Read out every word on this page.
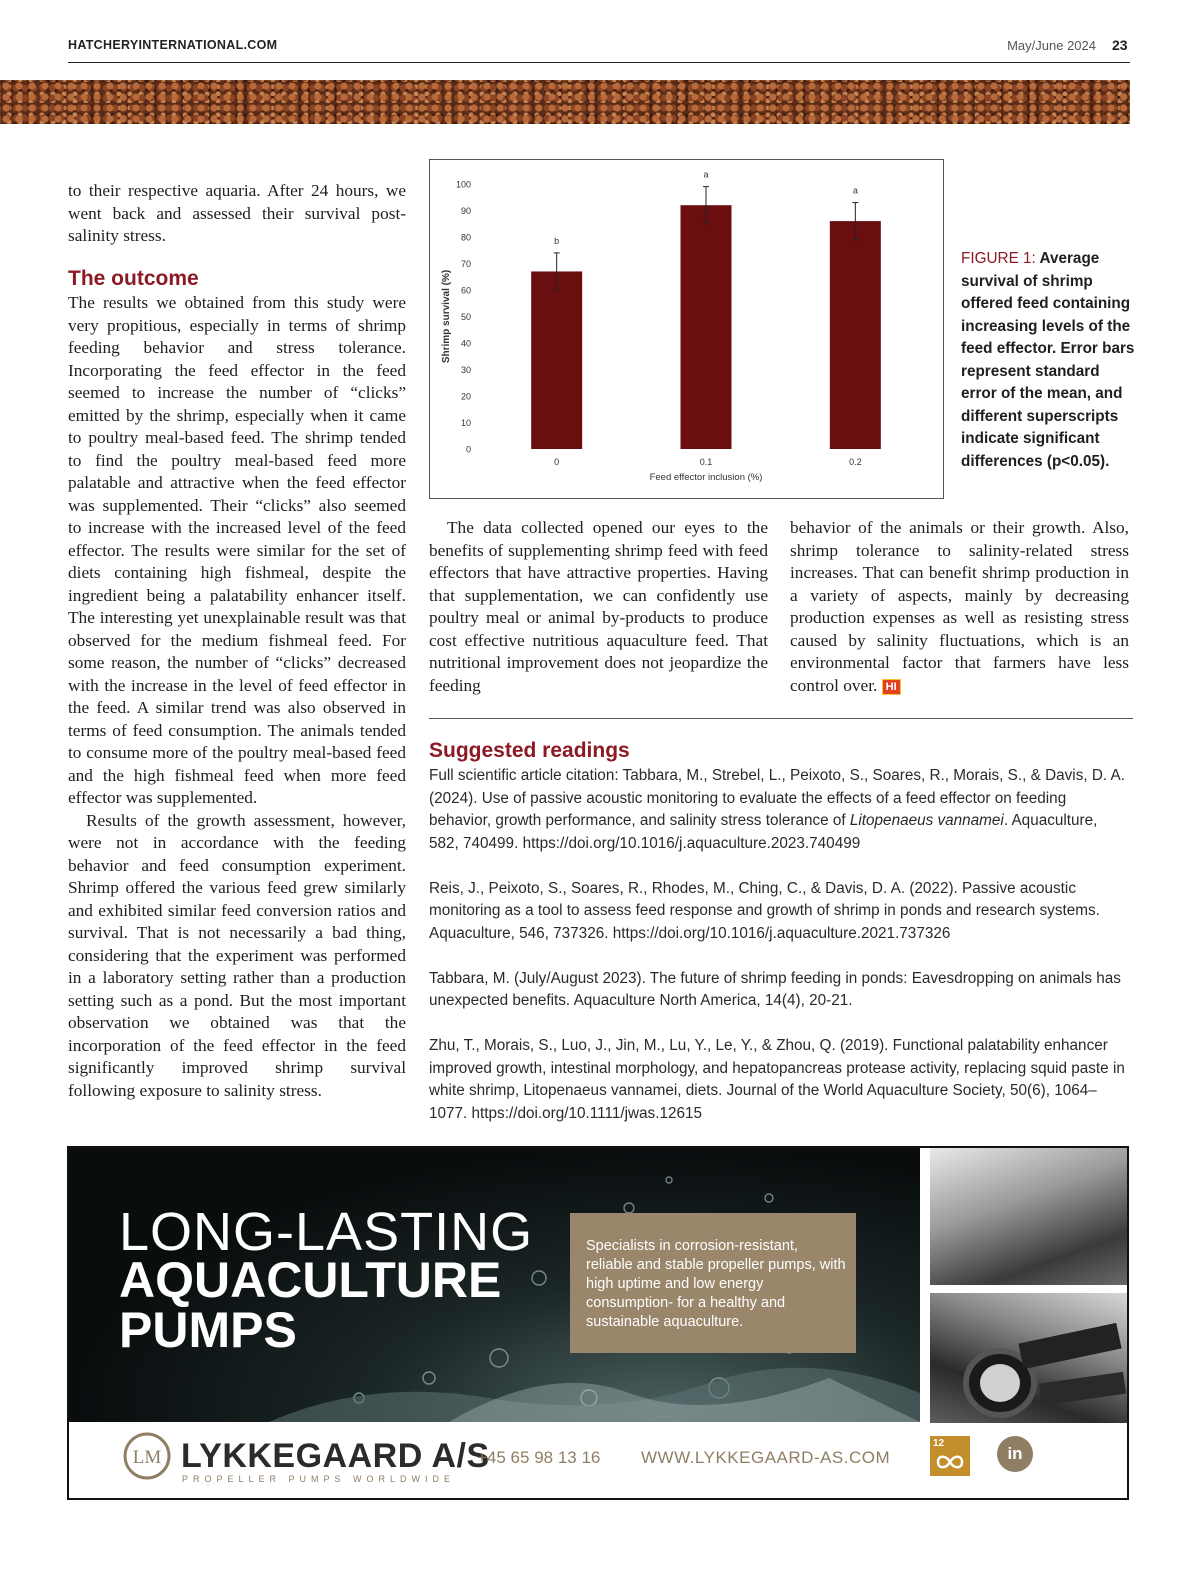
HATCHERYINTERNATIONAL.COM	May/June 2024 23

to their respective aquaria. After 24 hours, we went back and assessed their survival post-salinity stress.

The outcome

The results we obtained from this study were very propitious, especially in terms of shrimp feeding behavior and stress tolerance. Incorporating the feed effector in the feed seemed to increase the number of “clicks” emitted by the shrimp, especially when it came to poultry meal-based feed. The shrimp tended to find the poultry meal-based feed more palatable and attractive when the feed effector was supplemented. Their “clicks” also seemed to increase with the increased level of the feed effector. The results were similar for the set of diets containing high fishmeal, despite the ingredient being a palatability enhancer itself. The interesting yet unexplainable result was that observed for the medium fishmeal feed. For some reason, the number of “clicks” decreased with the increase in the level of feed effector in the feed. A similar trend was also observed in terms of feed consumption. The animals tended to consume more of the poultry meal-based feed and the high fishmeal feed when more feed effector was supplemented.

Results of the growth assessment, however, were not in accordance with the feeding behavior and feed consumption experiment. Shrimp offered the various feed grew similarly and exhibited similar feed conversion ratios and survival. That is not necessarily a bad thing, considering that the experiment was performed in a laboratory setting rather than a production setting such as a pond. But the most important observation we obtained was that the incorporation of the feed effector in the feed significantly improved shrimp survival following exposure to salinity stress.

0
10
20
30
40
50
60
70
80
90
100
Shrimp survival (%)
b
0
a
0.1
a
0.2
Feed effector inclusion (%)
FIGURE 1: Average survival of shrimp offered feed containing increasing levels of the feed effector. Error bars represent standard error of the mean, and different superscripts indicate significant differences (p<0.05).

The data collected opened our eyes to the benefits of supplementing shrimp feed with feed effectors that have attractive properties. Having that supplementation, we can confidently use poultry meal or animal by-products to produce cost effective nutritious aquaculture feed. That nutritional improvement does not jeopardize the feeding

behavior of the animals or their growth. Also, shrimp tolerance to salinity-related stress increases. That can benefit shrimp production in a variety of aspects, mainly by decreasing production expenses as well as resisting stress caused by salinity fluctuations, which is an environmental factor that farmers have less control over. HI

Suggested readings

Full scientific article citation: Tabbara, M., Strebel, L., Peixoto, S., Soares, R., Morais, S., & Davis, D. A. (2024). Use of passive acoustic monitoring to evaluate the effects of a feed effector on feeding behavior, growth performance, and salinity stress tolerance of Litopenaeus vannamei. Aquaculture, 582, 740499. https://doi.org/10.1016/j.aquaculture.2023.740499

Reis, J., Peixoto, S., Soares, R., Rhodes, M., Ching, C., & Davis, D. A. (2022). Passive acoustic monitoring as a tool to assess feed response and growth of shrimp in ponds and research systems. Aquaculture, 546, 737326. https://doi.org/10.1016/j.aquaculture.2021.737326

Tabbara, M. (July/August 2023). The future of shrimp feeding in ponds: Eavesdropping on animals has unexpected benefits. Aquaculture North America, 14(4), 20-21.

Zhu, T., Morais, S., Luo, J., Jin, M., Lu, Y., Le, Y., & Zhou, Q. (2019). Functional palatability enhancer improved growth, intestinal morphology, and hepatopancreas protease activity, replacing squid paste in white shrimp, Litopenaeus vannamei, diets. Journal of the World Aquaculture Society, 50(6), 1064–1077. https://doi.org/10.1111/jwas.12615

LONG-LASTING
AQUACULTURE
PUMPS
Specialists in corrosion-resistant, reliable and stable propeller pumps, with high uptime and low energy consumption- for a healthy and sustainable aquaculture.
LM LYKKEGAARD A/S
PROPELLER PUMPS WORLDWIDE
+45 65 98 13 16 WWW.LYKKEGAARD-AS.COM
12
in
